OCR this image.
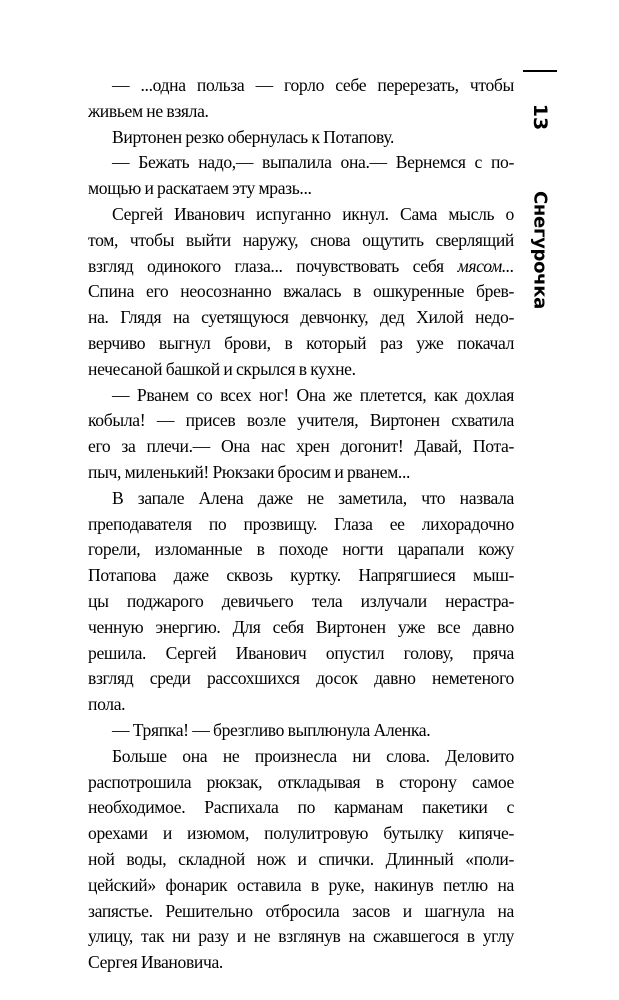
13
Снегурочка

— ...одна польза — горло себе перерезать, чтобы
живьем не взяла.

Виртонен резко обернулась к Потапову.

— Бежать надо,— выпалила она.— Вернемся с по-
мощью и раскатаем эту мразь...

Сергей Иванович испуганно икнул. Сама мысль о
том, чтобы выйти наружу, снова ощутить сверлящий
взгляд одинокого глаза... почувствовать себя мясом...
Спина его неосознанно вжалась в ошкуренные брев-
на. Глядя на суетящуюся девчонку, дед Хилой недо-
верчиво выгнул брови, в который раз уже покачал
нечесаной башкой и скрылся в кухне.

— Рванем со всех ног! Она же плетется, как дохлая
кобыла! — присев возле учителя, Виртонен схватила
его за плечи.— Она нас хрен догонит! Давай, Пота-
пыч, миленький! Рюкзаки бросим и рванем...

В запале Алена даже не заметила, что назвала
преподавателя по прозвищу. Глаза ее лихорадочно
горели, изломанные в походе ногти царапали кожу
Потапова даже сквозь куртку. Напрягшиеся мыш-
цы поджарого девичьего тела излучали нерастра-
ченную энергию. Для себя Виртонен уже все давно
решила. Сергей Иванович опустил голову, пряча
взгляд среди рассохшихся досок давно неметеного
пола.

— Тряпка! — брезгливо выплюнула Аленка.

Больше она не произнесла ни слова. Деловито
распотрошила рюкзак, откладывая в сторону самое
необходимое. Распихала по карманам пакетики с
орехами и изюмом, полулитровую бутылку кипяче-
ной воды, складной нож и спички. Длинный «поли-
цейский» фонарик оставила в руке, накинув петлю на
запястье. Решительно отбросила засов и шагнула на
улицу, так ни разу и не взглянув на сжавшегося в углу
Сергея Ивановича.
